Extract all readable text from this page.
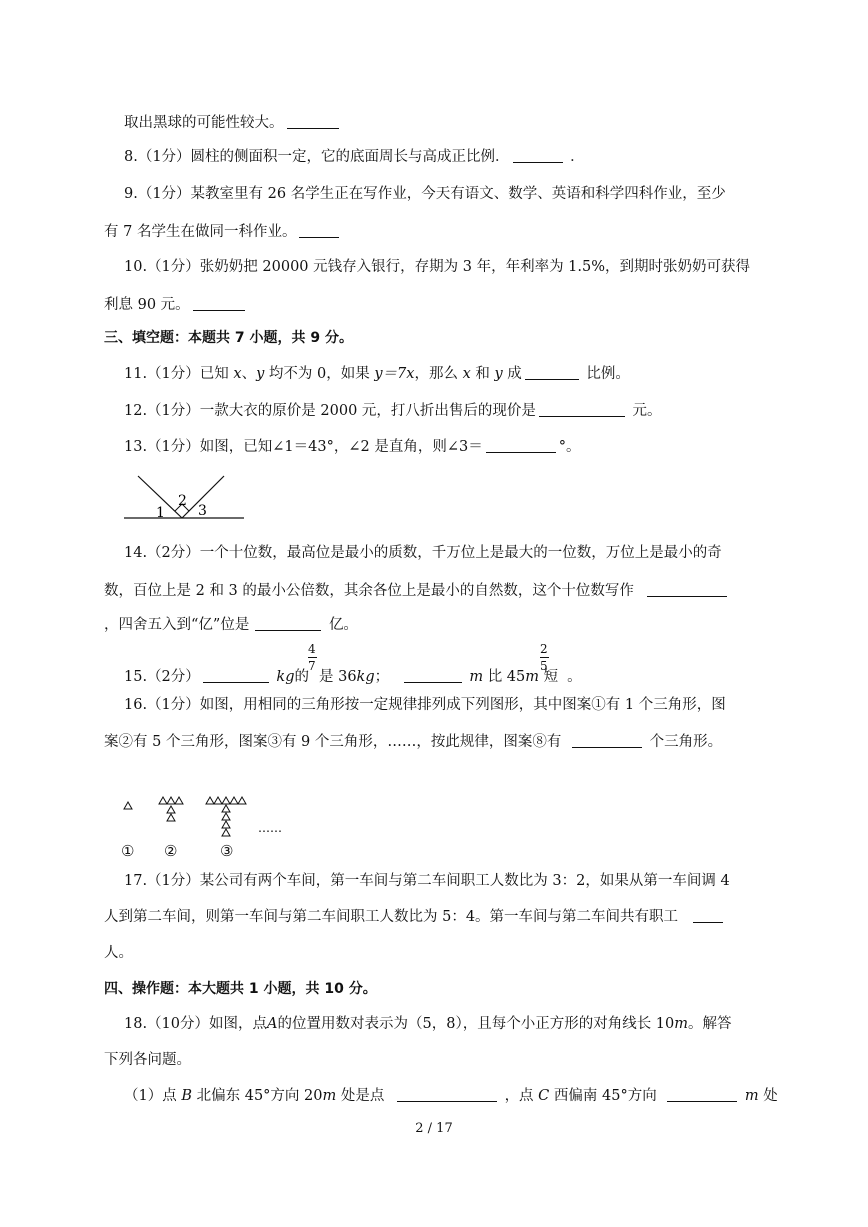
取出黑球的可能性较大。
8.（1分）圆柱的侧面积一定，它的底面周长与高成正比例．	．
9.（1分）某教室里有 26 名学生正在写作业，今天有语文、数学、英语和科学四科作业，至少
有 7 名学生在做同一科作业。
10.（1分）张奶奶把 20000 元钱存入银行，存期为 3 年，年利率为 1.5%，到期时张奶奶可获得
利息 90 元。
三、填空题：本题共 7 小题，共 9 分。
11.（1分）已知 x、y 均不为 0，如果 y＝7x，那么 x 和 y 成	比例。
12.（1分）一款大衣的原价是 2000 元，打八折出售后的现价是	元。
13.（1分）如图，已知∠1＝43°，∠2 是直角，则∠3＝	°。
1
2
3
14.（2分）一个十位数，最高位是最小的质数，千万位上是最大的一位数，万位上是最小的奇
数，百位上是 2 和 3 的最小公倍数，其余各位上是最小的自然数，这个十位数写作
，四舍五入到“亿”位是	亿。
15.（2分）	kg的 是 36kg；	m 比 45m 短 。
4
7
2
5
16.（1分）如图，用相同的三角形按一定规律排列成下列图形，其中图案①有 1 个三角形，图
案②有 5 个三角形，图案③有 9 个三角形，……，按此规律，图案⑧有	个三角形。
……
① ②	③
17.（1分）某公司有两个车间，第一车间与第二车间职工人数比为 3：2，如果从第一车间调 4
人到第二车间，则第一车间与第二车间职工人数比为 5：4。第一车间与第二车间共有职工
人。
四、操作题：本大题共 1 小题，共 10 分。
18.（10分）如图，点A的位置用数对表示为（5，8），且每个小正方形的对角线长 10m。解答
下列各问题。
（1）点 B 北偏东 45°方向 20m 处是点	，点 C 西偏南 45°方向	m 处
2 / 17
